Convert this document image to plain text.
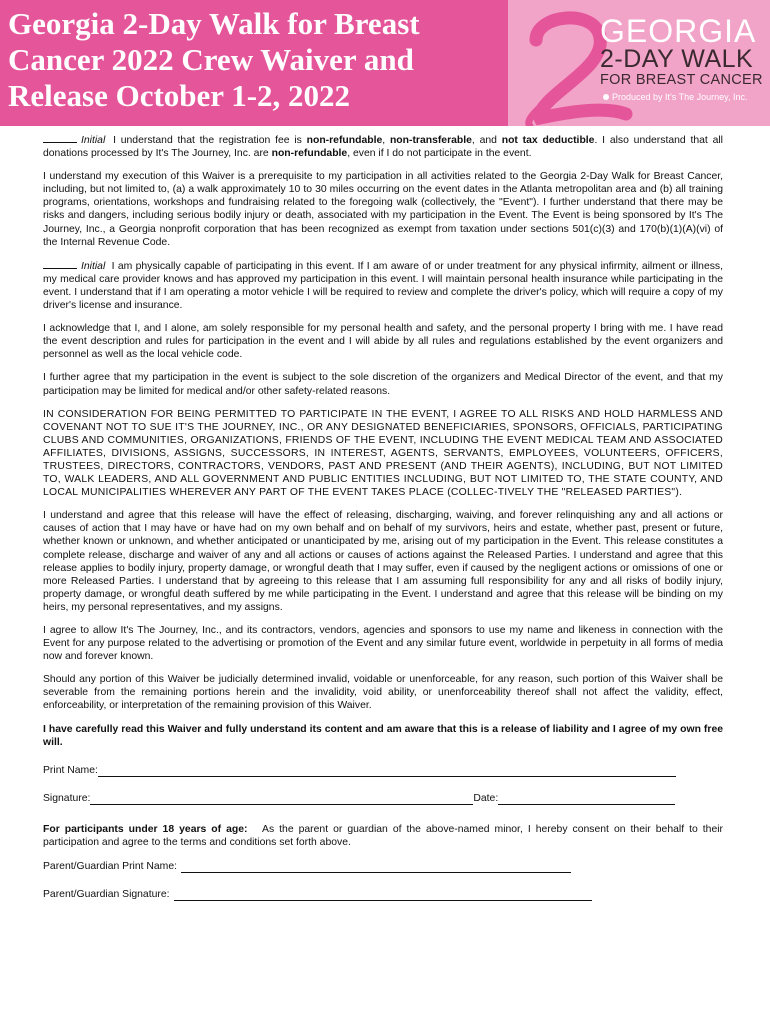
Georgia 2-Day Walk for Breast Cancer 2022 Crew Waiver and Release October 1-2, 2022
GEORGIA
2-DAY WALK
FOR BREAST CANCER
Produced by It's The Journey, Inc.

Initial I understand that the registration fee is non-refundable, non-transferable, and not tax deductible. I also understand that all donations processed by It's The Journey, Inc. are non-refundable, even if I do not participate in the event.

I understand my execution of this Waiver is a prerequisite to my participation in all activities related to the Georgia 2-Day Walk for Breast Cancer, including, but not limited to, (a) a walk approximately 10 to 30 miles occurring on the event dates in the Atlanta metropolitan area and (b) all training programs, orientations, workshops and fundraising related to the foregoing walk (collectively, the "Event"). I further understand that there may be risks and dangers, including serious bodily injury or death, associated with my participation in the Event. The Event is being sponsored by It's The Journey, Inc., a Georgia nonprofit corporation that has been recognized as exempt from taxation under sections 501(c)(3) and 170(b)(1)(A)(vi) of the Internal Revenue Code.

Initial I am physically capable of participating in this event. If I am aware of or under treatment for any physical infirmity, ailment or illness, my medical care provider knows and has approved my participation in this event. I will maintain personal health insurance while participating in the event. I understand that if I am operating a motor vehicle I will be required to review and complete the driver's policy, which will require a copy of my driver's license and insurance.

I acknowledge that I, and I alone, am solely responsible for my personal health and safety, and the personal property I bring with me. I have read the event description and rules for participation in the event and I will abide by all rules and regulations established by the event organizers and personnel as well as the local vehicle code.

I further agree that my participation in the event is subject to the sole discretion of the organizers and Medical Director of the event, and that my participation may be limited for medical and/or other safety-related reasons.

IN CONSIDERATION FOR BEING PERMITTED TO PARTICIPATE IN THE EVENT, I AGREE TO ALL RISKS AND HOLD HARMLESS AND COVENANT NOT TO SUE IT'S THE JOURNEY, INC., OR ANY DESIGNATED BENEFICIARIES, SPONSORS, OFFICIALS, PARTICIPATING CLUBS AND COMMUNITIES, ORGANIZATIONS, FRIENDS OF THE EVENT, INCLUDING THE EVENT MEDICAL TEAM AND ASSOCIATED AFFILIATES, DIVISIONS, ASSIGNS, SUCCESSORS, IN INTEREST, AGENTS, SERVANTS, EMPLOYEES, VOLUNTEERS, OFFICERS, TRUSTEES, DIRECTORS, CONTRACTORS, VENDORS, PAST AND PRESENT (AND THEIR AGENTS), INCLUDING, BUT NOT LIMITED TO, WALK LEADERS, AND ALL GOVERNMENT AND PUBLIC ENTITIES INCLUDING, BUT NOT LIMITED TO, THE STATE COUNTY, AND LOCAL MUNICIPALITIES WHEREVER ANY PART OF THE EVENT TAKES PLACE (COLLEC-TIVELY THE "RELEASED PARTIES").

I understand and agree that this release will have the effect of releasing, discharging, waiving, and forever relinquishing any and all actions or causes of action that I may have or have had on my own behalf and on behalf of my survivors, heirs and estate, whether past, present or future, whether known or unknown, and whether anticipated or unanticipated by me, arising out of my participation in the Event. This release constitutes a complete release, discharge and waiver of any and all actions or causes of actions against the Released Parties. I understand and agree that this release applies to bodily injury, property damage, or wrongful death that I may suffer, even if caused by the negligent actions or omissions of one or more Released Parties. I understand that by agreeing to this release that I am assuming full responsibility for any and all risks of bodily injury, property damage, or wrongful death suffered by me while participating in the Event. I understand and agree that this release will be binding on my heirs, my personal representatives, and my assigns.

I agree to allow It's The Journey, Inc., and its contractors, vendors, agencies and sponsors to use my name and likeness in connection with the Event for any purpose related to the advertising or promotion of the Event and any similar future event, worldwide in perpetuity in all forms of media now and forever known.

Should any portion of this Waiver be judicially determined invalid, voidable or unenforceable, for any reason, such portion of this Waiver shall be severable from the remaining portions herein and the invalidity, void ability, or unenforceability thereof shall not affect the validity, effect, enforceability, or interpretation of the remaining provision of this Waiver.

I have carefully read this Waiver and fully understand its content and am aware that this is a release of liability and I agree of my own free will.

Print Name:
Signature:	Date:

For participants under 18 years of age: As the parent or guardian of the above-named minor, I hereby consent on their behalf to their participation and agree to the terms and conditions set forth above.

Parent/Guardian Print Name:
Parent/Guardian Signature:
